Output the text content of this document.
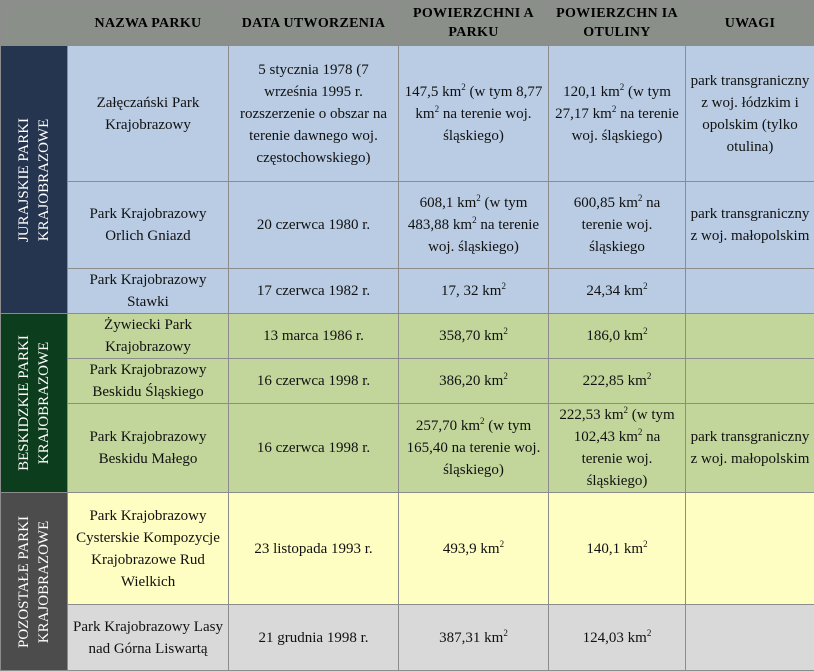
	NAZWA PARKU	DATA UTWORZENIA	POWIERZCHNI A PARKU	POWIERZCHN IA OTULINY	UWAGI

JURAJSKIE PARKI KRAJOBRAZOWE	Załęczański Park Krajobrazowy	5 stycznia 1978 (7 września 1995 r. rozszerzenie o obszar na terenie dawnego woj. częstochowskiego)	147,5 $km^2$ (w tym 8,77 $km^2$ na terenie woj. śląskiego)	120,1 $km^2$ (w tym 27,17 $km^2$ na terenie woj. śląskiego)	park transgraniczny z woj. łódzkim i opolskim (tylko otulina)
	Park Krajobrazowy Orlich Gniazd	20 czerwca 1980 r.	608,1 $km^2$ (w tym 483,88 $km^2$ na terenie woj. śląskiego)	600,85 $km^2$ na terenie woj. śląskiego	park transgraniczny z woj. małopolskim
	Park Krajobrazowy Stawki	17 czerwca 1982 r.	17, 32 $km^2$	24,34 $km^2$	

BESKIDZKIE PARKI KRAJOBRAZOWE	Żywiecki Park Krajobrazowy	13 marca 1986 r.	358,70 $km^2$	186,0 $km^2$	
	Park Krajobrazowy Beskidu Śląskiego	16 czerwca 1998 r.	386,20 $km^2$	222,85 $km^2$	
	Park Krajobrazowy Beskidu Małego	16 czerwca 1998 r.	257,70 $km^2$ (w tym 165,40 na terenie woj. śląskiego)	222,53 $km^2$ (w tym 102,43 $km^2$ na terenie woj. śląskiego)	park transgraniczny z woj. małopolskim

POZOSTAŁE PARKI KRAJOBRAZOWE	Park Krajobrazowy Cysterskie Kompozycje Krajobrazowe Rud Wielkich	23 listopada 1993 r.	493,9 $km^2$	140,1 $km^2$	
	Park Krajobrazowy Lasy nad Górna Liswartą	21 grudnia 1998 r.	387,31 $km^2$	124,03 $km^2$	
